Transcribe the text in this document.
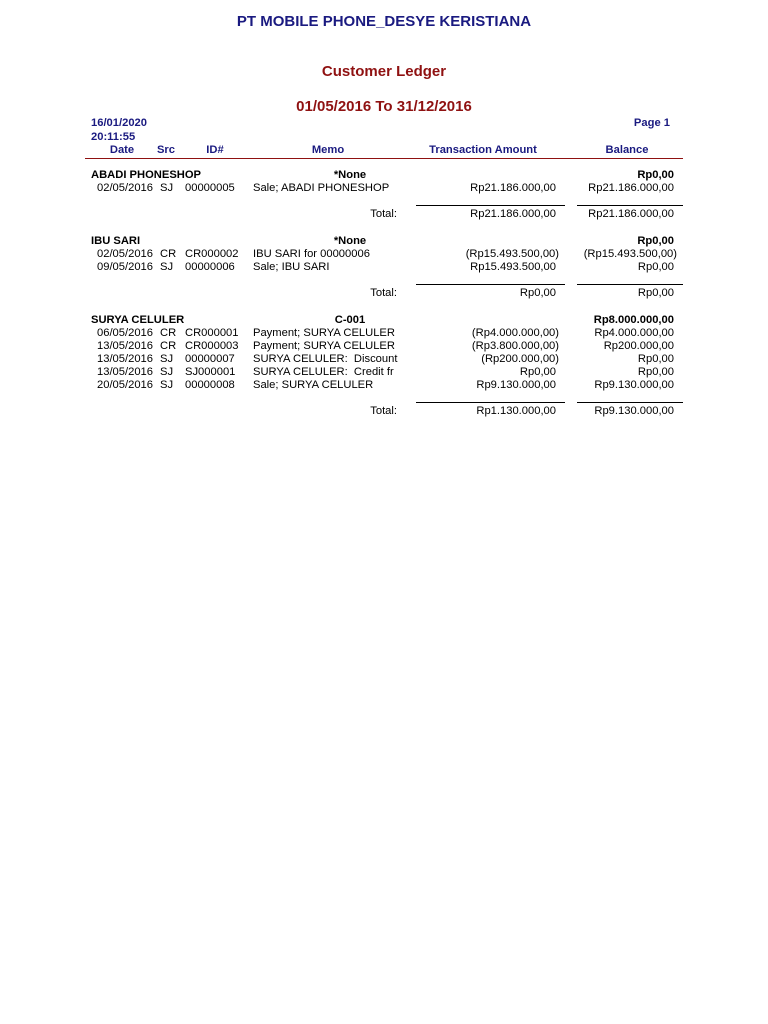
PT MOBILE PHONE_DESYE KERISTIANA
Customer Ledger
01/05/2016 To 31/12/2016
16/01/2020
20:11:55
Page 1
Date	Src	ID#	Memo	Transaction Amount	Balance
ABADI PHONESHOP	*None	Rp0,00
02/05/2016 SJ 00000005 Sale; ABADI PHONESHOP	Rp21.186.000,00	Rp21.186.000,00
Total:	Rp21.186.000,00	Rp21.186.000,00
IBU SARI	*None	Rp0,00
02/05/2016 CR CR000002 IBU SARI for 00000006	(Rp15.493.500,00) (Rp15.493.500,00)
09/05/2016 SJ 00000006 Sale; IBU SARI	Rp15.493.500,00	Rp0,00
Total:	Rp0,00	Rp0,00
SURYA CELULER	C-001	Rp8.000.000,00
06/05/2016 CR CR000001 Payment; SURYA CELULER	(Rp4.000.000,00)	Rp4.000.000,00
13/05/2016 CR CR000003 Payment; SURYA CELULER	(Rp3.800.000,00)	Rp200.000,00
13/05/2016 SJ 00000007 SURYA CELULER:  Discount	(Rp200.000,00)	Rp0,00
13/05/2016 SJ SJ000001 SURYA CELULER:  Credit fr	Rp0,00	Rp0,00
20/05/2016 SJ 00000008 Sale; SURYA CELULER	Rp9.130.000,00	Rp9.130.000,00
Total:	Rp1.130.000,00	Rp9.130.000,00
